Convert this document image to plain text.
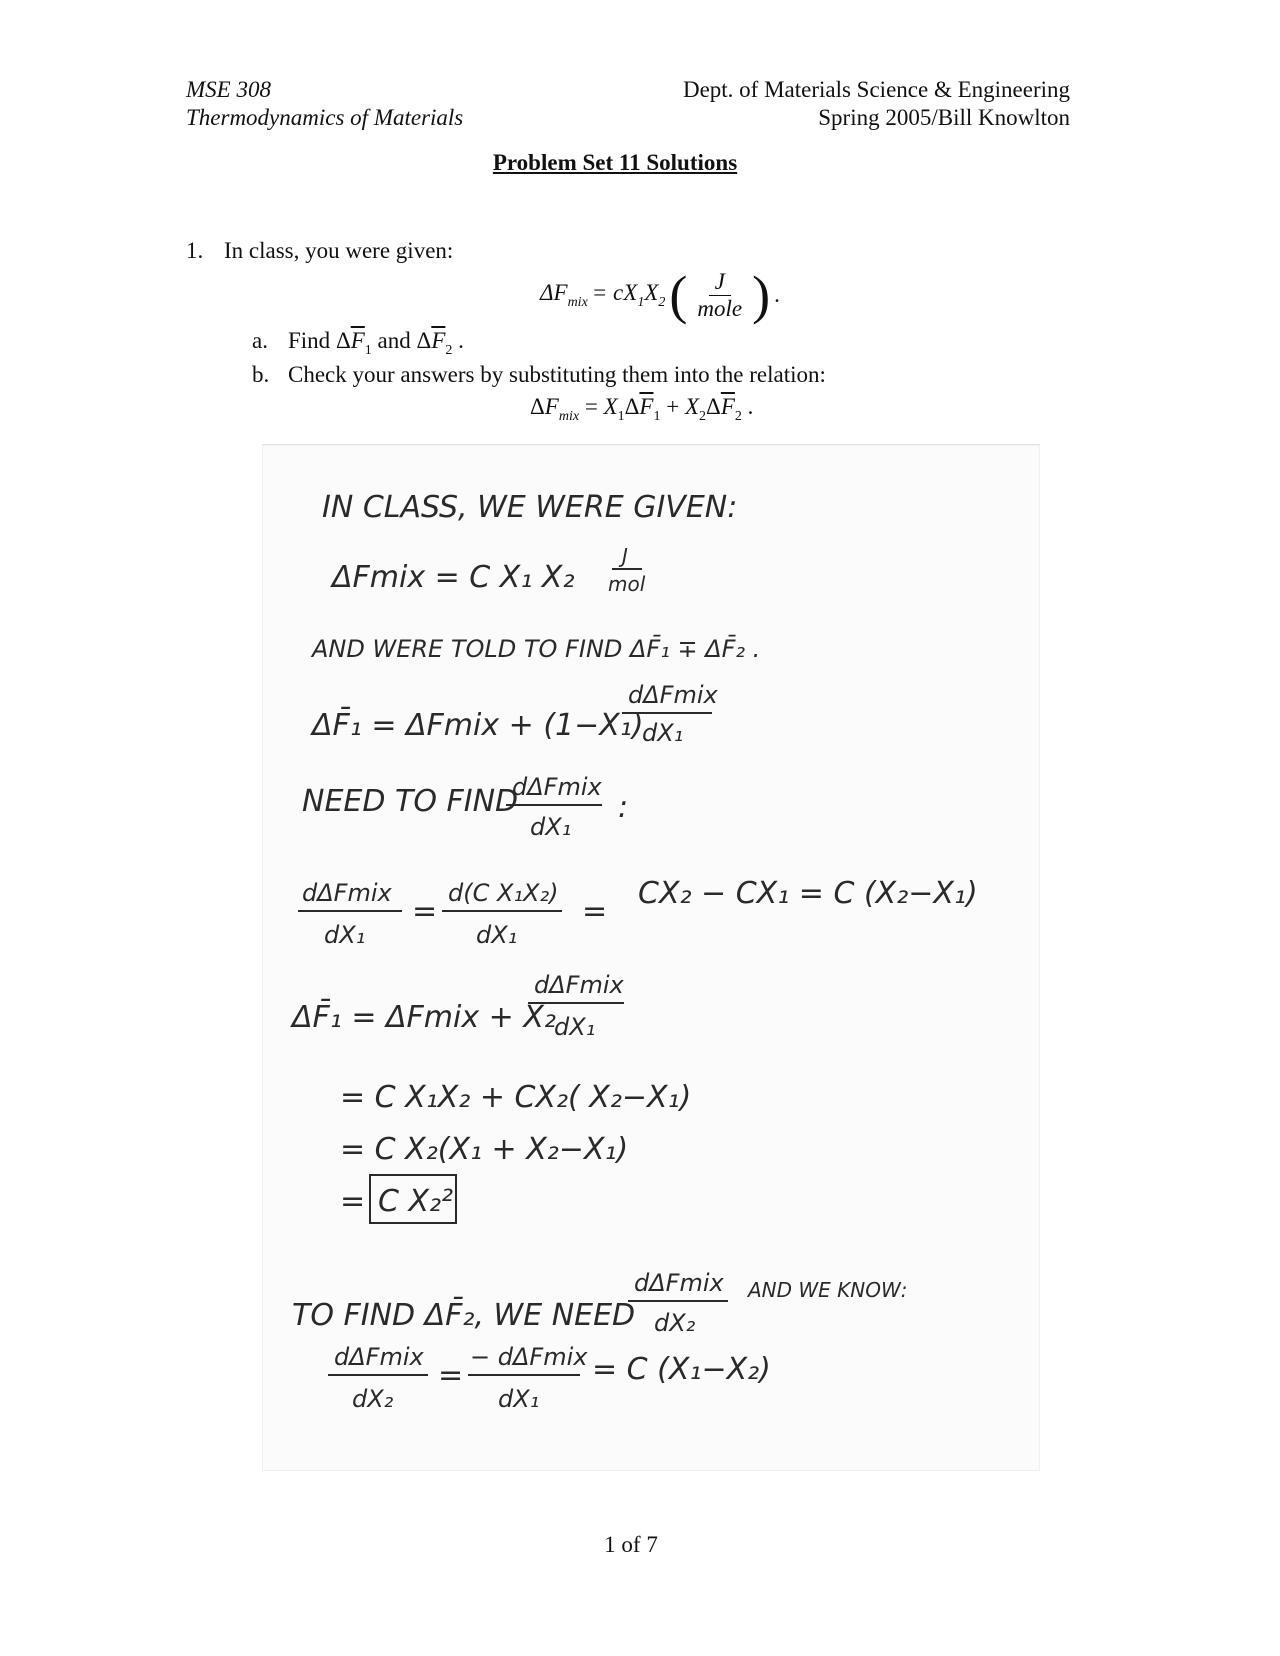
MSE 308
Thermodynamics of Materials
Dept. of Materials Science & Engineering
Spring 2005/Bill Knowlton
Problem Set 11 Solutions
1. In class, you were given:
$\Delta F_{mix} = cX_1X_2$ ( $\frac{J}{\text{mole}}$ ) .
a. Find $\Delta\overline{F}_1$ and $\Delta\overline{F}_2$ .
b. Check your answers by substituting them into the relation:
$\Delta F_{mix} = X_1\Delta\overline{F}_1 + X_2\Delta\overline{F}_2$ .
IN CLASS, WE WERE GIVEN:
ΔFmix = C X₁ X₂
J
mol
AND WERE TOLD TO FIND ΔF̄₁ ∓ ΔF̄₂ .
ΔF̄₁ = ΔFmix + (1−X₁)
dΔFmix
dX₁
NEED TO FIND
dΔFmix
dX₁
:
dΔFmix
dX₁
=
d(C X₁X₂)
dX₁
=
CX₂ − CX₁ = C (X₂−X₁)
ΔF̄₁ = ΔFmix + X₂
dΔFmix
dX₁
= C X₁X₂ + CX₂( X₂−X₁)
= C X₂(X₁ + X₂−X₁)
= C X₂²
TO FIND ΔF̄₂, WE NEED
dΔFmix
dX₂
AND WE KNOW:
dΔFmix
dX₂
=
− dΔFmix
dX₁
= C (X₁−X₂)
1 of 7
